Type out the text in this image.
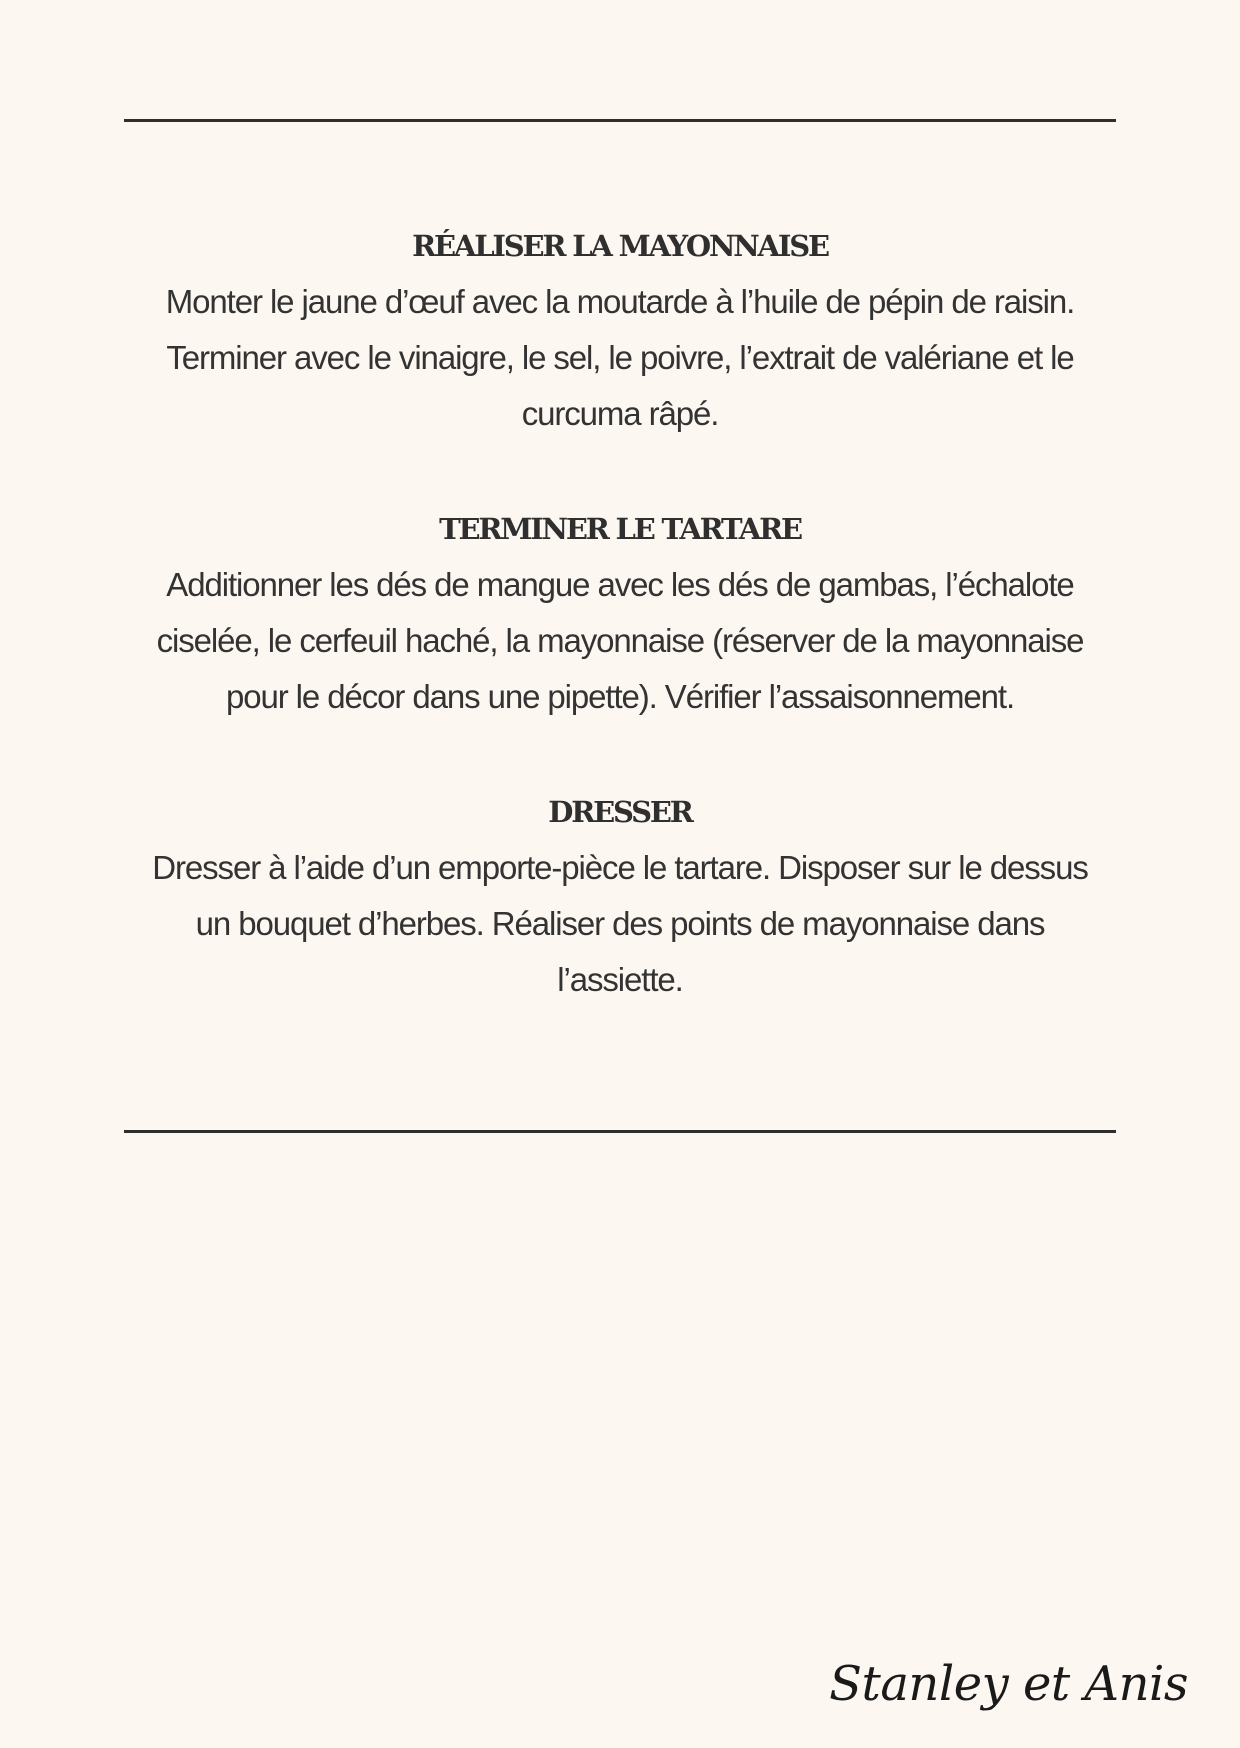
RÉALISER LA MAYONNAISE

Monter le jaune d’œuf avec la moutarde à l’huile de pépin de raisin.
Terminer avec le vinaigre, le sel, le poivre, l’extrait de valériane et le
curcuma râpé.

TERMINER LE TARTARE

Additionner les dés de mangue avec les dés de gambas, l’échalote
ciselée, le cerfeuil haché, la mayonnaise (réserver de la mayonnaise
pour le décor dans une pipette). Vérifier l’assaisonnement.

DRESSER

Dresser à l’aide d’un emporte-pièce le tartare. Disposer sur le dessus
un bouquet d’herbes. Réaliser des points de mayonnaise dans
l’assiette.

Stanley et Anis
